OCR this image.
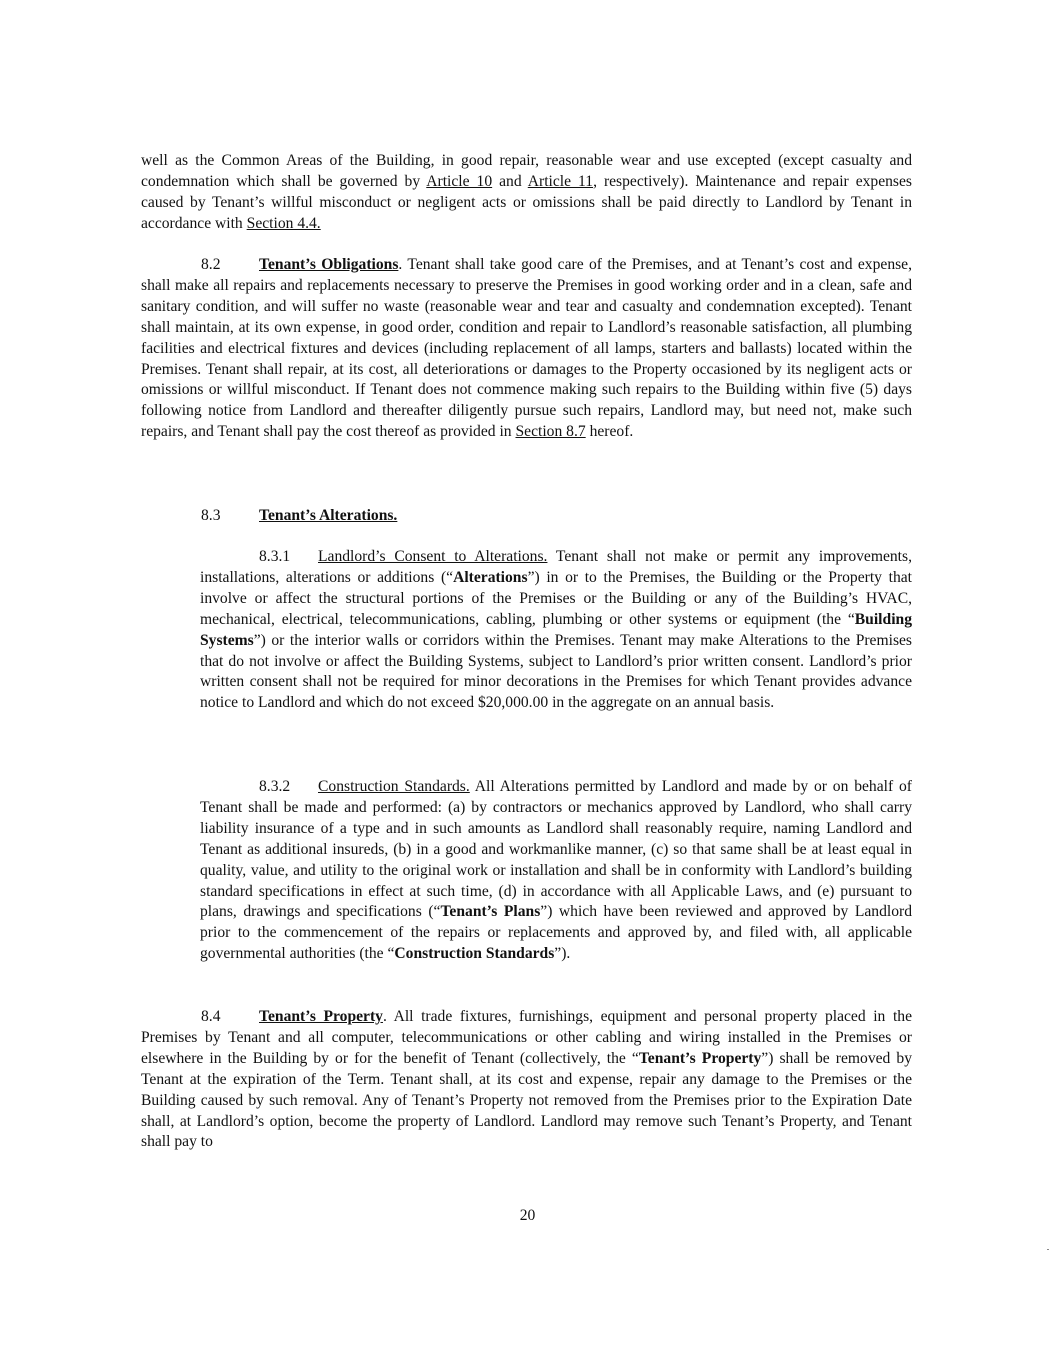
well as the Common Areas of the Building, in good repair, reasonable wear and use excepted (except casualty and condemnation which shall be governed by Article 10 and Article 11, respectively). Maintenance and repair expenses caused by Tenant’s willful misconduct or negligent acts or omissions shall be paid directly to Landlord by Tenant in accordance with Section 4.4.

8.2 Tenant’s Obligations. Tenant shall take good care of the Premises, and at Tenant’s cost and expense, shall make all repairs and replacements necessary to preserve the Premises in good working order and in a clean, safe and sanitary condition, and will suffer no waste (reasonable wear and tear and casualty and condemnation excepted). Tenant shall maintain, at its own expense, in good order, condition and repair to Landlord’s reasonable satisfaction, all plumbing facilities and electrical fixtures and devices (including replacement of all lamps, starters and ballasts) located within the Premises. Tenant shall repair, at its cost, all deteriorations or damages to the Property occasioned by its negligent acts or omissions or willful misconduct. If Tenant does not commence making such repairs to the Building within five (5) days following notice from Landlord and thereafter diligently pursue such repairs, Landlord may, but need not, make such repairs, and Tenant shall pay the cost thereof as provided in Section 8.7 hereof.

8.3 Tenant’s Alterations.

8.3.1 Landlord’s Consent to Alterations. Tenant shall not make or permit any improvements, installations, alterations or additions (“Alterations”) in or to the Premises, the Building or the Property that involve or affect the structural portions of the Premises or the Building or any of the Building’s HVAC, mechanical, electrical, telecommunications, cabling, plumbing or other systems or equipment (the “Building Systems”) or the interior walls or corridors within the Premises. Tenant may make Alterations to the Premises that do not involve or affect the Building Systems, subject to Landlord’s prior written consent. Landlord’s prior written consent shall not be required for minor decorations in the Premises for which Tenant provides advance notice to Landlord and which do not exceed $20,000.00 in the aggregate on an annual basis.

8.3.2 Construction Standards. All Alterations permitted by Landlord and made by or on behalf of Tenant shall be made and performed: (a) by contractors or mechanics approved by Landlord, who shall carry liability insurance of a type and in such amounts as Landlord shall reasonably require, naming Landlord and Tenant as additional insureds, (b) in a good and workmanlike manner, (c) so that same shall be at least equal in quality, value, and utility to the original work or installation and shall be in conformity with Landlord’s building standard specifications in effect at such time, (d) in accordance with all Applicable Laws, and (e) pursuant to plans, drawings and specifications (“Tenant’s Plans”) which have been reviewed and approved by Landlord prior to the commencement of the repairs or replacements and approved by, and filed with, all applicable governmental authorities (the “Construction Standards”).

8.4 Tenant’s Property. All trade fixtures, furnishings, equipment and personal property placed in the Premises by Tenant and all computer, telecommunications or other cabling and wiring installed in the Premises or elsewhere in the Building by or for the benefit of Tenant (collectively, the “Tenant’s Property”) shall be removed by Tenant at the expiration of the Term. Tenant shall, at its cost and expense, repair any damage to the Premises or the Building caused by such removal. Any of Tenant’s Property not removed from the Premises prior to the Expiration Date shall, at Landlord’s option, become the property of Landlord. Landlord may remove such Tenant’s Property, and Tenant shall pay to

20
